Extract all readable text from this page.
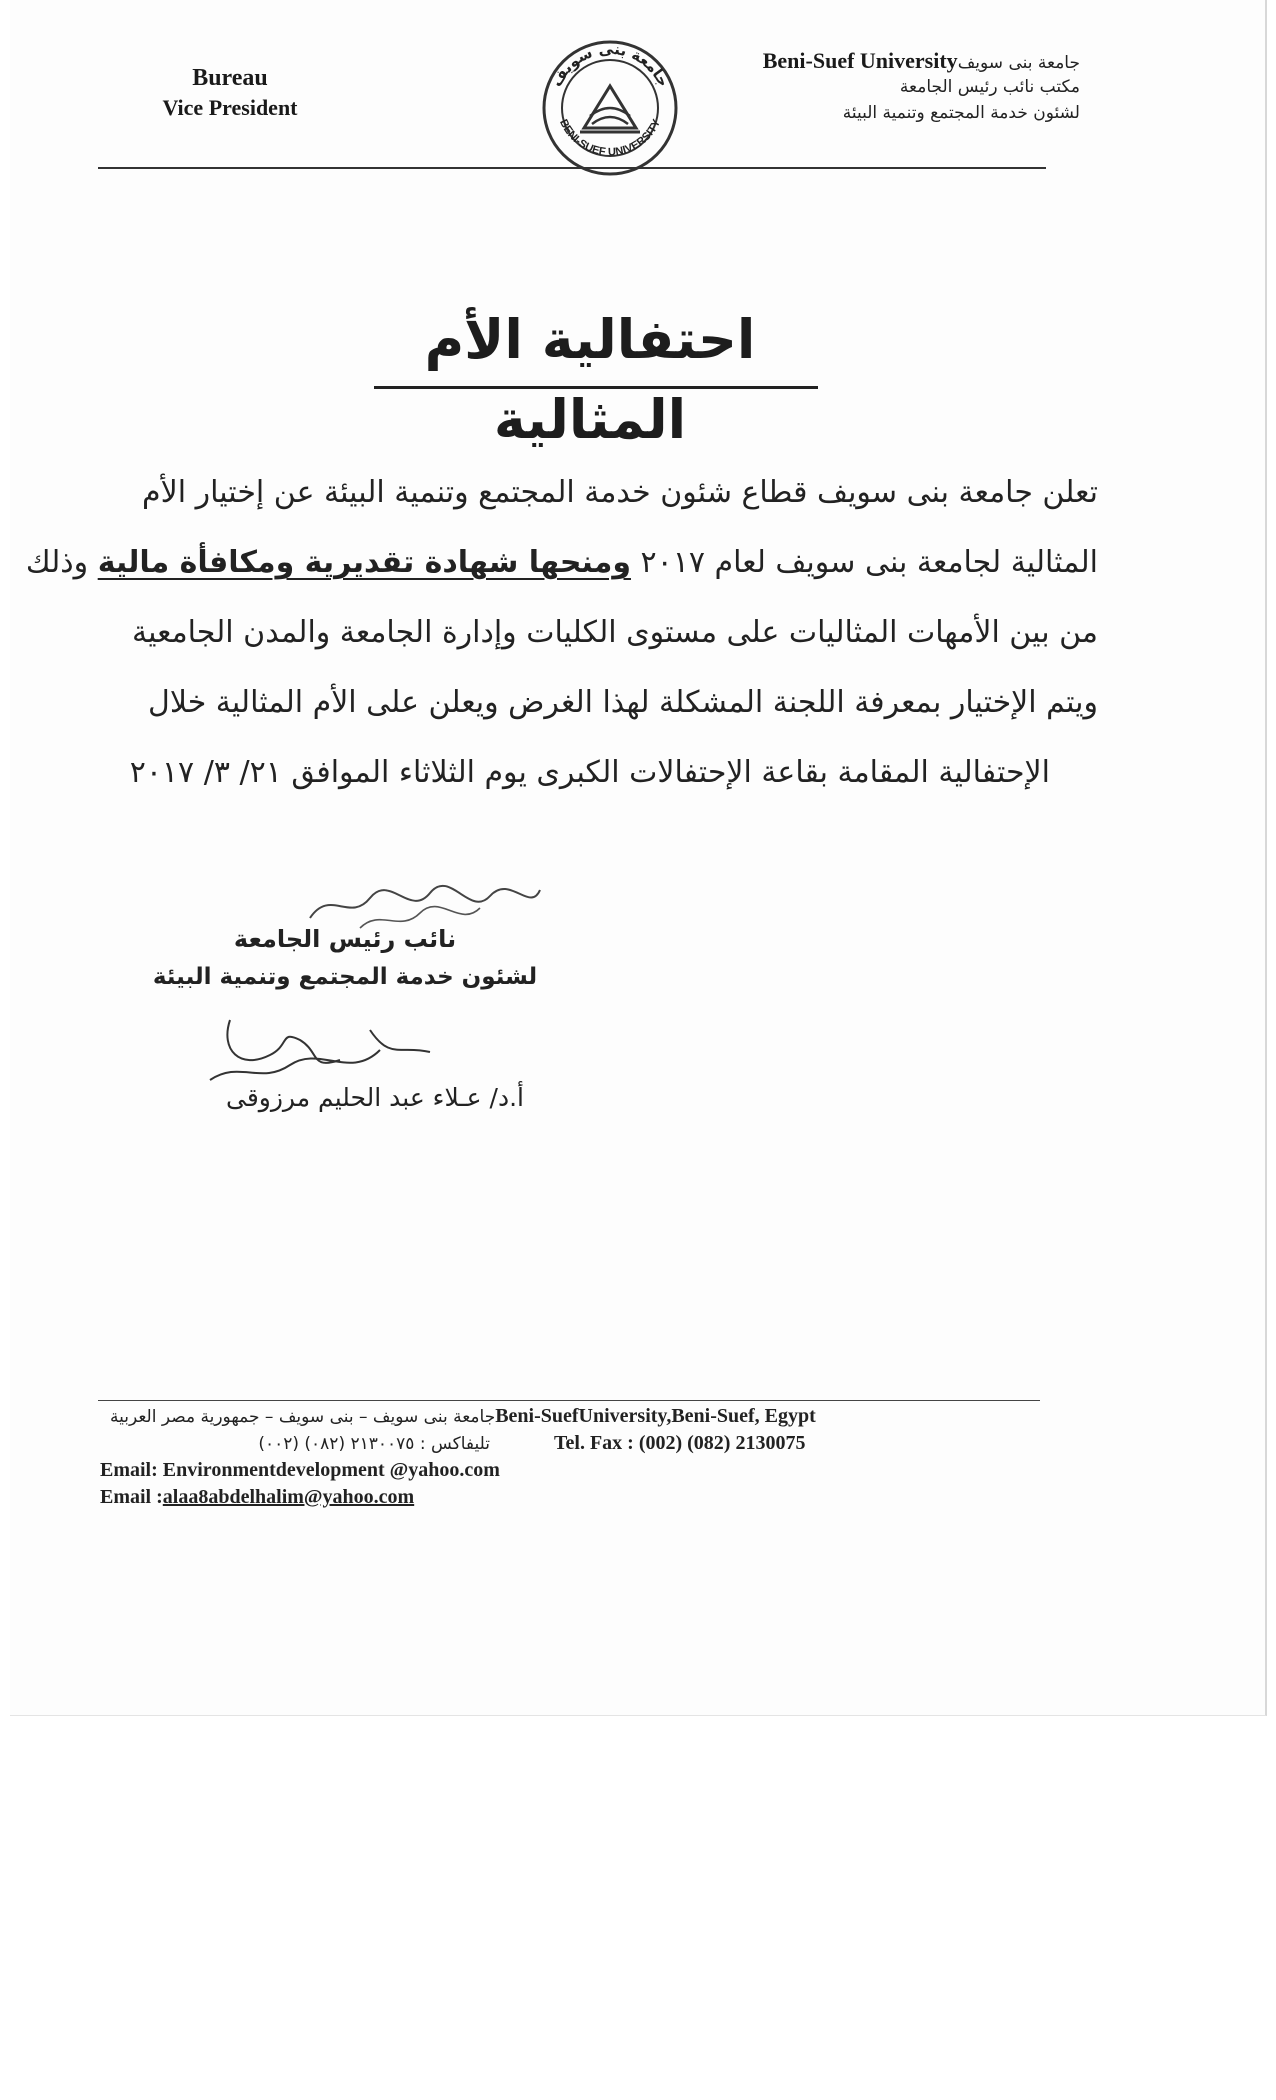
Bureau
Vice President
جامعة بنى سويف
BENI-SUEF UNIVERSITY
جامعة بنى سويفBeni-Suef University
مكتب نائب رئيس الجامعة
لشئون خدمة المجتمع وتنمية البيئة
احتفالية الأم المثالية

تعلن جامعة بنى سويف قطاع شئون خدمة المجتمع وتنمية البيئة عن إختيار الأم

المثالية لجامعة بنى سويف لعام ٢٠١٧ ومنحها شهادة تقديرية ومكافأة مالية وذلك

من بين الأمهات المثاليات على مستوى الكليات وإدارة الجامعة والمدن الجامعية

ويتم الإختيار بمعرفة اللجنة المشكلة لهذا الغرض ويعلن على الأم المثالية خلال

الإحتفالية المقامة بقاعة الإحتفالات الكبرى يوم الثلاثاء الموافق ٢١/ ٣/ ٢٠١٧

نائب رئيس الجامعة
لشئون خدمة المجتمع وتنمية البيئة
أ.د/ عـلاء عبد الحليم مرزوقى
جامعة بنى سويف – بنى سويف – جمهورية مصر العربيةBeni-SuefUniversity,Beni-Suef, Egypt
تليفاكس : ٢١٣٠٠٧٥ (٠٨٢) (٠٠٢)	Tel. Fax : (002) (082) 2130075
Email: Environmentdevelopment @yahoo.com
Email :alaa8abdelhalim@yahoo.com
